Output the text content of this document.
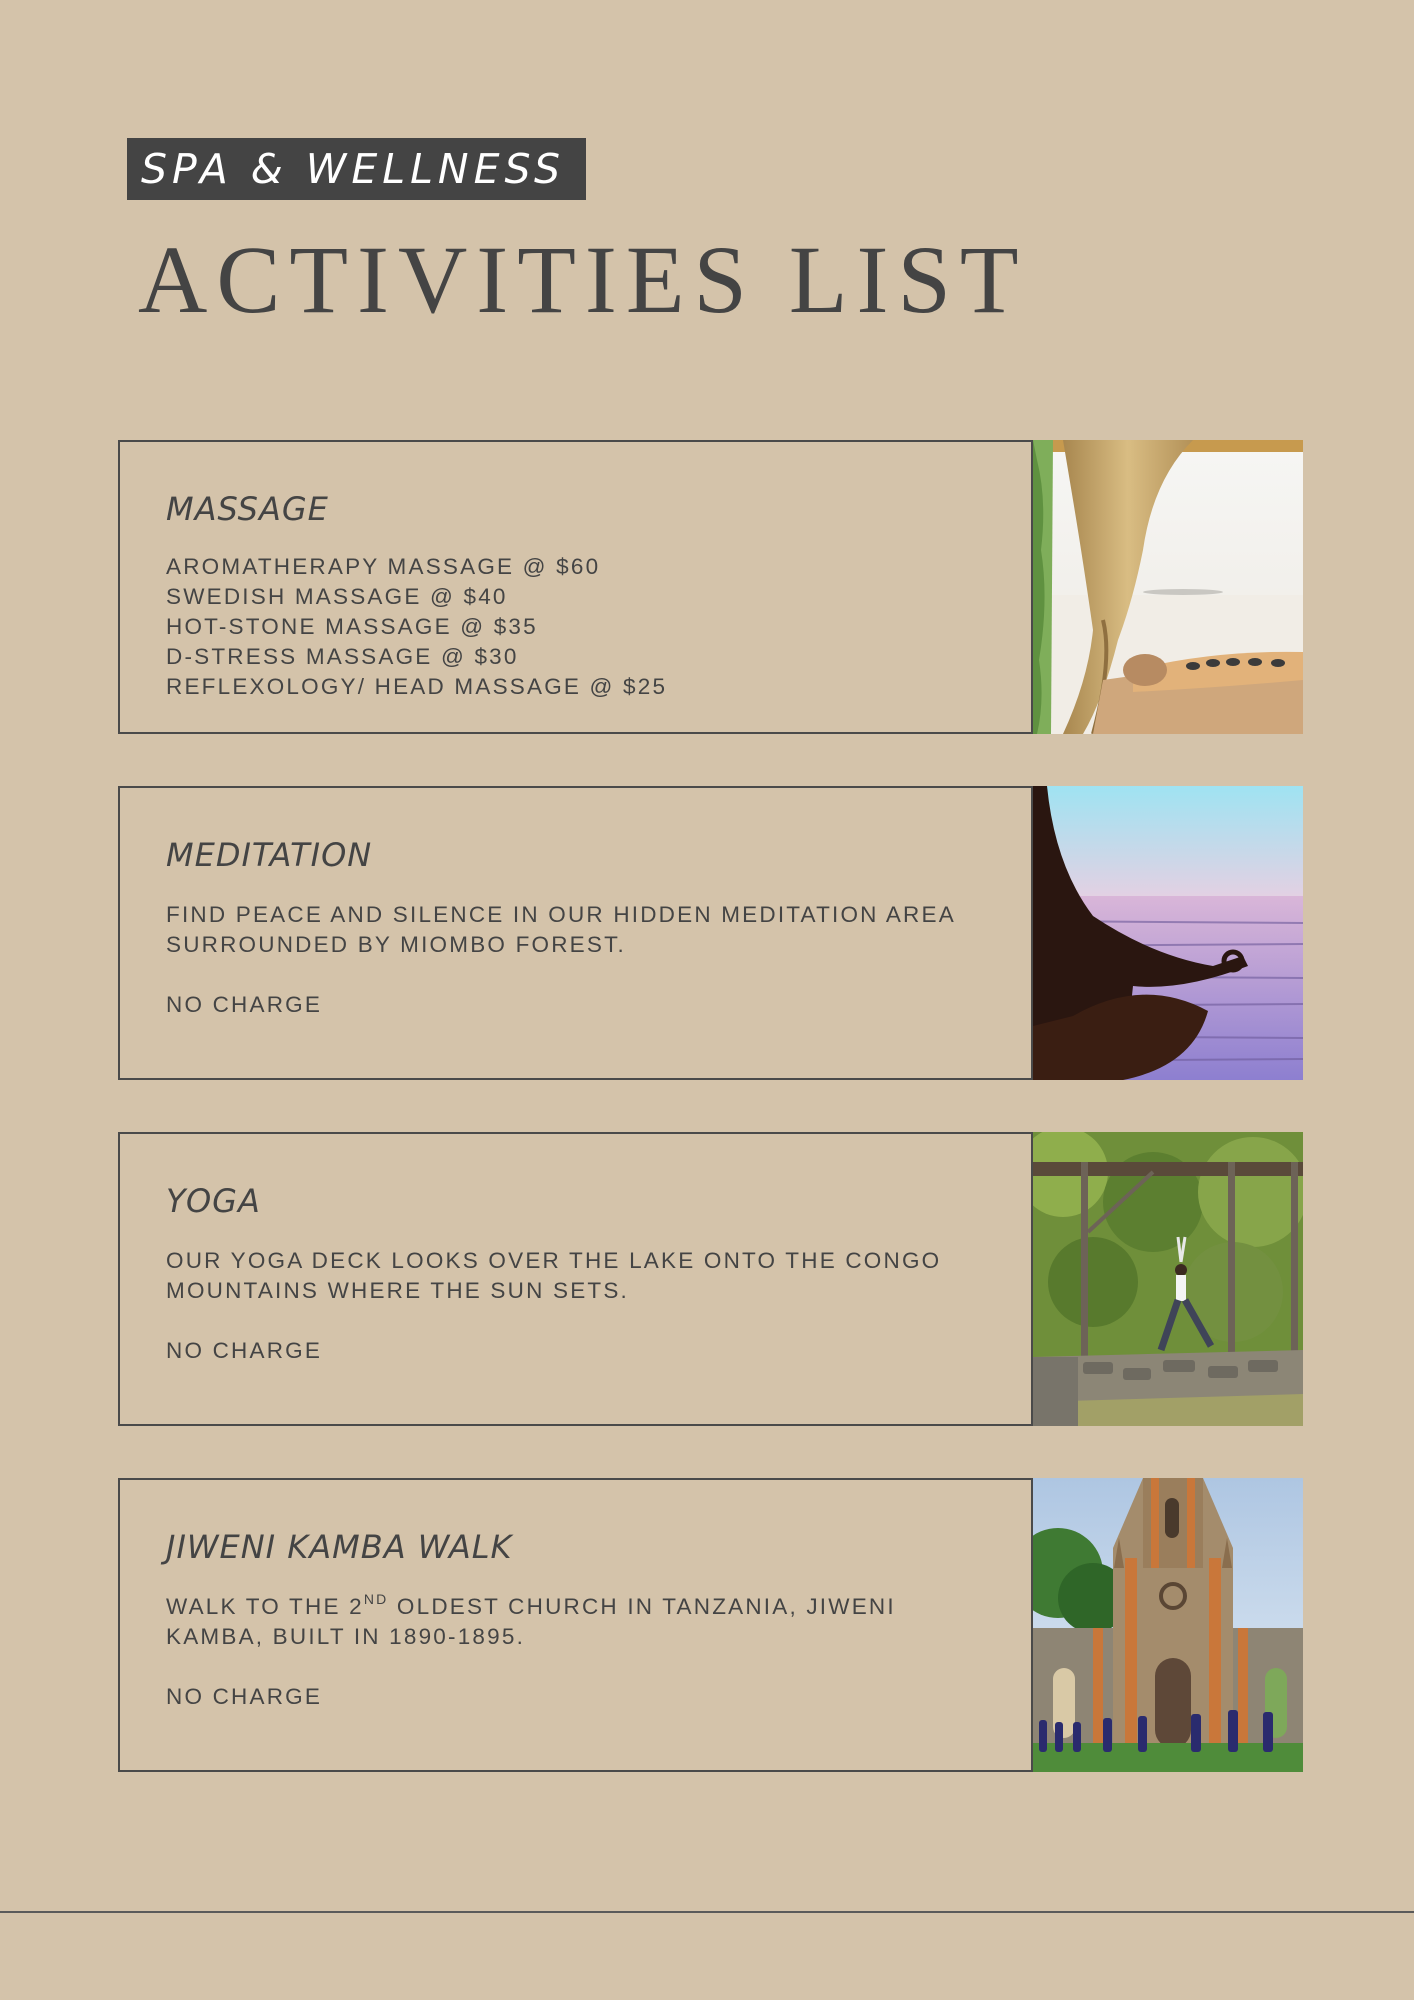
SPA & WELLNESS
ACTIVITIES LIST
MASSAGE
AROMATHERAPY MASSAGE @ $60
SWEDISH MASSAGE @ $40
HOT-STONE MASSAGE @ $35
D-STRESS MASSAGE @ $30
REFLEXOLOGY/ HEAD MASSAGE @ $25
MEDITATION
FIND PEACE AND SILENCE IN OUR HIDDEN MEDITATION AREA
SURROUNDED BY MIOMBO FOREST.
NO CHARGE
YOGA
OUR YOGA DECK LOOKS OVER THE LAKE ONTO THE CONGO
MOUNTAINS WHERE THE SUN SETS.
NO CHARGE
JIWENI KAMBA WALK
WALK TO THE 2ND OLDEST CHURCH IN TANZANIA, JIWENI
KAMBA, BUILT IN 1890-1895.
NO CHARGE
